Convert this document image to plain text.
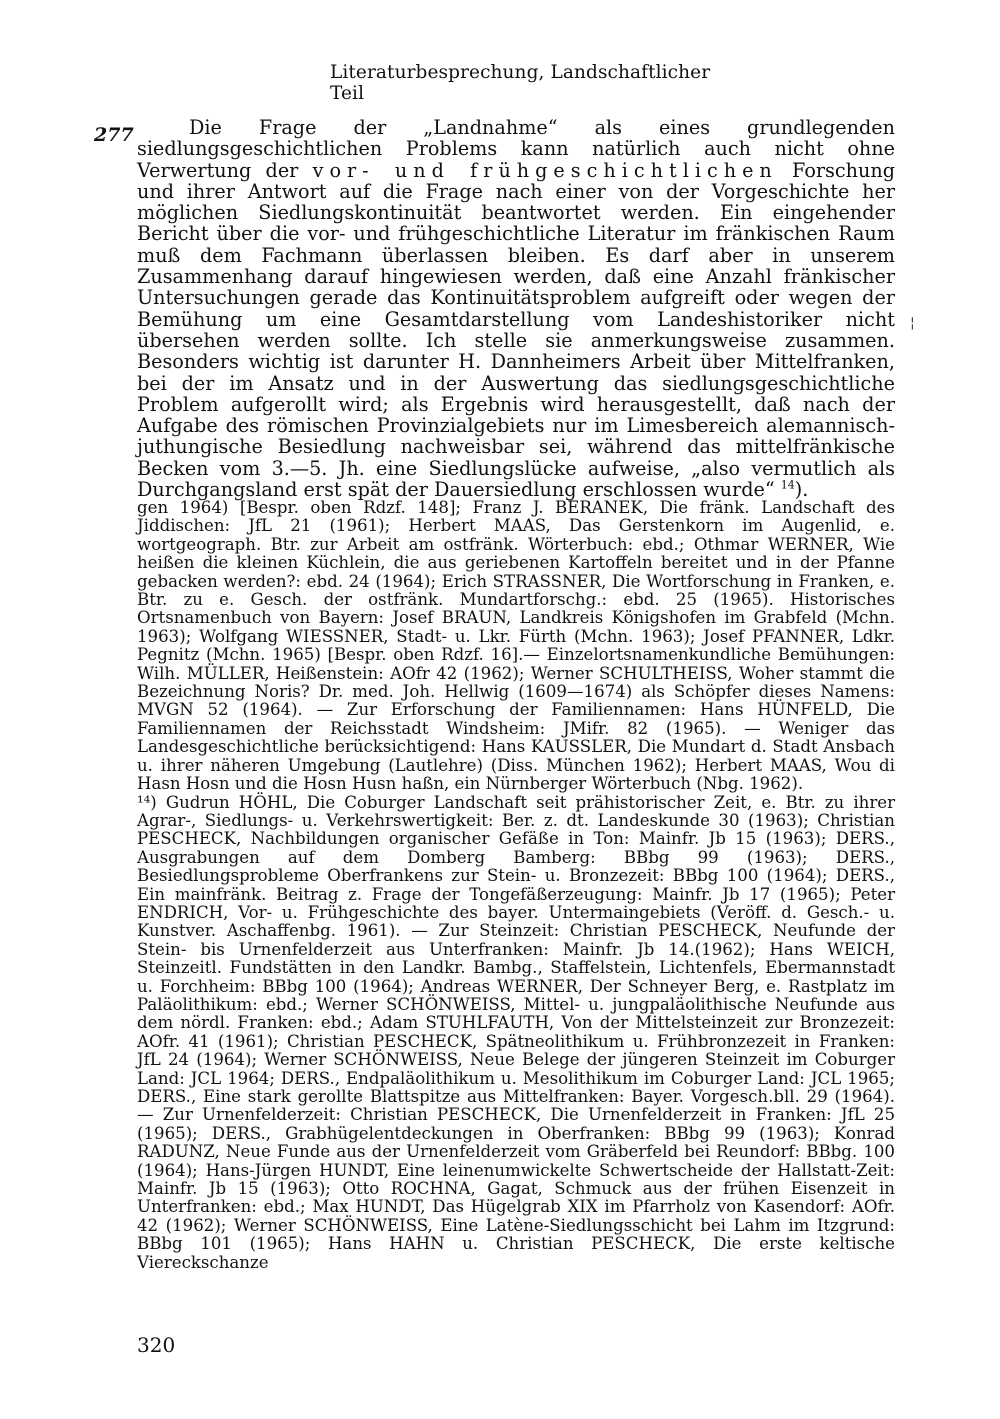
Literaturbesprechung, Landschaftlicher Teil
277	Die Frage der „Landnahme“ als eines grundlegenden siedlungsgeschichtlichen Problems kann natürlich auch nicht ohne Verwertung der vor- und frühgeschichtlichen Forschung und ihrer Antwort auf die Frage nach einer von der Vorgeschichte her möglichen Siedlungskontinuität beantwortet werden. Ein eingehender Bericht über die vor- und frühgeschichtliche Literatur im fränkischen Raum muß dem Fachmann überlassen bleiben. Es darf aber in unserem Zusammenhang darauf hingewiesen werden, daß eine Anzahl fränkischer Untersuchungen gerade das Kontinuitätsproblem aufgreift oder wegen der Bemühung um eine Gesamtdarstellung vom Landeshistoriker nicht übersehen werden sollte. Ich stelle sie anmerkungsweise zusammen. Besonders wichtig ist darunter H. Dannheimers Arbeit über Mittelfranken, bei der im Ansatz und in der Auswertung das siedlungsgeschichtliche Problem aufgerollt wird; als Ergebnis wird herausgestellt, daß nach der Aufgabe des römischen Provinzialgebiets nur im Limesbereich alemannisch-juthungische Besiedlung nachweisbar sei, während das mittelfränkische Becken vom 3.—5. Jh. eine Siedlungslücke aufweise, „also vermutlich als Durchgangsland erst spät der Dauersiedlung erschlossen wurde“ $^{14}$).

¦

gen 1964) [Bespr. oben Rdzf. 148]; Franz J. BERANEK, Die fränk. Landschaft des Jiddischen: JfL 21 (1961); Herbert MAAS, Das Gerstenkorn im Augenlid, e. wortgeograph. Btr. zur Arbeit am ostfränk. Wörterbuch: ebd.; Othmar WERNER, Wie heißen die kleinen Küchlein, die aus geriebenen Kartoffeln bereitet und in der Pfanne gebacken werden?: ebd. 24 (1964); Erich STRASSNER, Die Wortforschung in Franken, e. Btr. zu e. Gesch. der ostfränk. Mundartforschg.: ebd. 25 (1965). Historisches Ortsnamenbuch von Bayern: Josef BRAUN, Landkreis Königshofen im Grabfeld (Mchn. 1963); Wolfgang WIESSNER, Stadt- u. Lkr. Fürth (Mchn. 1963); Josef PFANNER, Ldkr. Pegnitz (Mchn. 1965) [Bespr. oben Rdzf. 16].— Einzelortsnamenkundliche Bemühungen: Wilh. MÜLLER, Heißenstein: AOfr 42 (1962); Werner SCHULTHEISS, Woher stammt die Bezeichnung Noris? Dr. med. Joh. Hellwig (1609—1674) als Schöpfer dieses Namens: MVGN 52 (1964). — Zur Erforschung der Familiennamen: Hans HÜNFELD, Die Familiennamen der Reichsstadt Windsheim: JMifr. 82 (1965). — Weniger das Landesgeschichtliche berücksichtigend: Hans KAUSSLER, Die Mundart d. Stadt Ansbach u. ihrer näheren Umgebung (Lautlehre) (Diss. München 1962); Herbert MAAS, Wou di Hasn Hosn und die Hosn Husn haßn, ein Nürnberger Wörterbuch (Nbg. 1962).

¹⁴) Gudrun HÖHL, Die Coburger Landschaft seit prähistorischer Zeit, e. Btr. zu ihrer Agrar-, Siedlungs- u. Verkehrswertigkeit: Ber. z. dt. Landeskunde 30 (1963); Christian PESCHECK, Nachbildungen organischer Gefäße in Ton: Mainfr. Jb 15 (1963); DERS., Ausgrabungen auf dem Domberg Bamberg: BBbg 99 (1963); DERS., Besiedlungsprobleme Oberfrankens zur Stein- u. Bronzezeit: BBbg 100 (1964); DERS., Ein mainfränk. Beitrag z. Frage der Tongefäßerzeugung: Mainfr. Jb 17 (1965); Peter ENDRICH, Vor- u. Frühgeschichte des bayer. Untermaingebiets (Veröff. d. Gesch.- u. Kunstver. Aschaffenbg. 1961). — Zur Steinzeit: Christian PESCHECK, Neufunde der Stein- bis Urnenfelderzeit aus Unterfranken: Mainfr. Jb 14.(1962); Hans WEICH, Steinzeitl. Fundstätten in den Landkr. Bambg., Staffelstein, Lichtenfels, Ebermannstadt u. Forchheim: BBbg 100 (1964); Andreas WERNER, Der Schneyer Berg, e. Rastplatz im Paläolithikum: ebd.; Werner SCHÖNWEISS, Mittel- u. jungpaläolithische Neufunde aus dem nördl. Franken: ebd.; Adam STUHLFAUTH, Von der Mittelsteinzeit zur Bronzezeit: AOfr. 41 (1961); Christian PESCHECK, Spätneolithikum u. Frühbronzezeit in Franken: JfL 24 (1964); Werner SCHÖNWEISS, Neue Belege der jüngeren Steinzeit im Coburger Land: JCL 1964; DERS., Endpaläolithikum u. Mesolithikum im Coburger Land: JCL 1965; DERS., Eine stark gerollte Blattspitze aus Mittelfranken: Bayer. Vorgesch.bll. 29 (1964). — Zur Urnenfelderzeit: Christian PESCHECK, Die Urnenfelderzeit in Franken: JfL 25 (1965); DERS., Grabhügelentdeckungen in Oberfranken: BBbg 99 (1963); Konrad RADUNZ, Neue Funde aus der Urnenfelderzeit vom Gräberfeld bei Reundorf: BBbg. 100 (1964); Hans-Jürgen HUNDT, Eine leinenumwickelte Schwertscheide der Hallstatt-Zeit: Mainfr. Jb 15 (1963); Otto ROCHNA, Gagat, Schmuck aus der frühen Eisenzeit in Unterfranken: ebd.; Max HUNDT, Das Hügelgrab XIX im Pfarrholz von Kasendorf: AOfr. 42 (1962); Werner SCHÖNWEISS, Eine Latène-Siedlungsschicht bei Lahm im Itzgrund: BBbg 101 (1965); Hans HAHN u. Christian PESCHECK, Die erste keltische Viereckschanze

320
